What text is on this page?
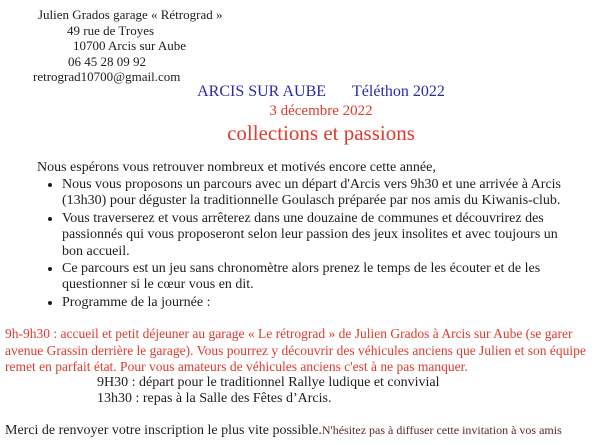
Julien Grados garage « Rétrograd »
49 rue de Troyes
10700 Arcis sur Aube
06 45 28 09 92
retrograd10700@gmail.com
ARCIS SUR AUBE Téléthon 2022
3 décembre 2022
collections et passions
Nous espérons vous retrouver nombreux et motivés encore cette année,
• Nous vous proposons un parcours avec un départ d'Arcis vers 9h30 et une arrivée à Arcis (13h30) pour déguster la traditionnelle Goulasch préparée par nos amis du Kiwanis-club.
• Vous traverserez et vous arrêterez dans une douzaine de communes et découvrirez des passionnés qui vous proposeront selon leur passion des jeux insolites et avec toujours un bon accueil.
• Ce parcours est un jeu sans chronomètre alors prenez le temps de les écouter et de les questionner si le cœur vous en dit.
• Programme de la journée :
9h-9h30 : accueil et petit déjeuner au garage « Le rétrograd » de Julien Grados à Arcis sur Aube (se garer avenue Grassin derrière le garage). Vous pourrez y découvrir des véhicules anciens que Julien et son équipe remet en parfait état. Pour vous amateurs de véhicules anciens c'est à ne pas manquer.
9H30 : départ pour le traditionnel Rallye ludique et convivial
13h30 : repas à la Salle des Fêtes d’Arcis.
Merci de renvoyer votre inscription le plus vite possible.N'hésitez pas à diffuser cette invitation à vos amis
